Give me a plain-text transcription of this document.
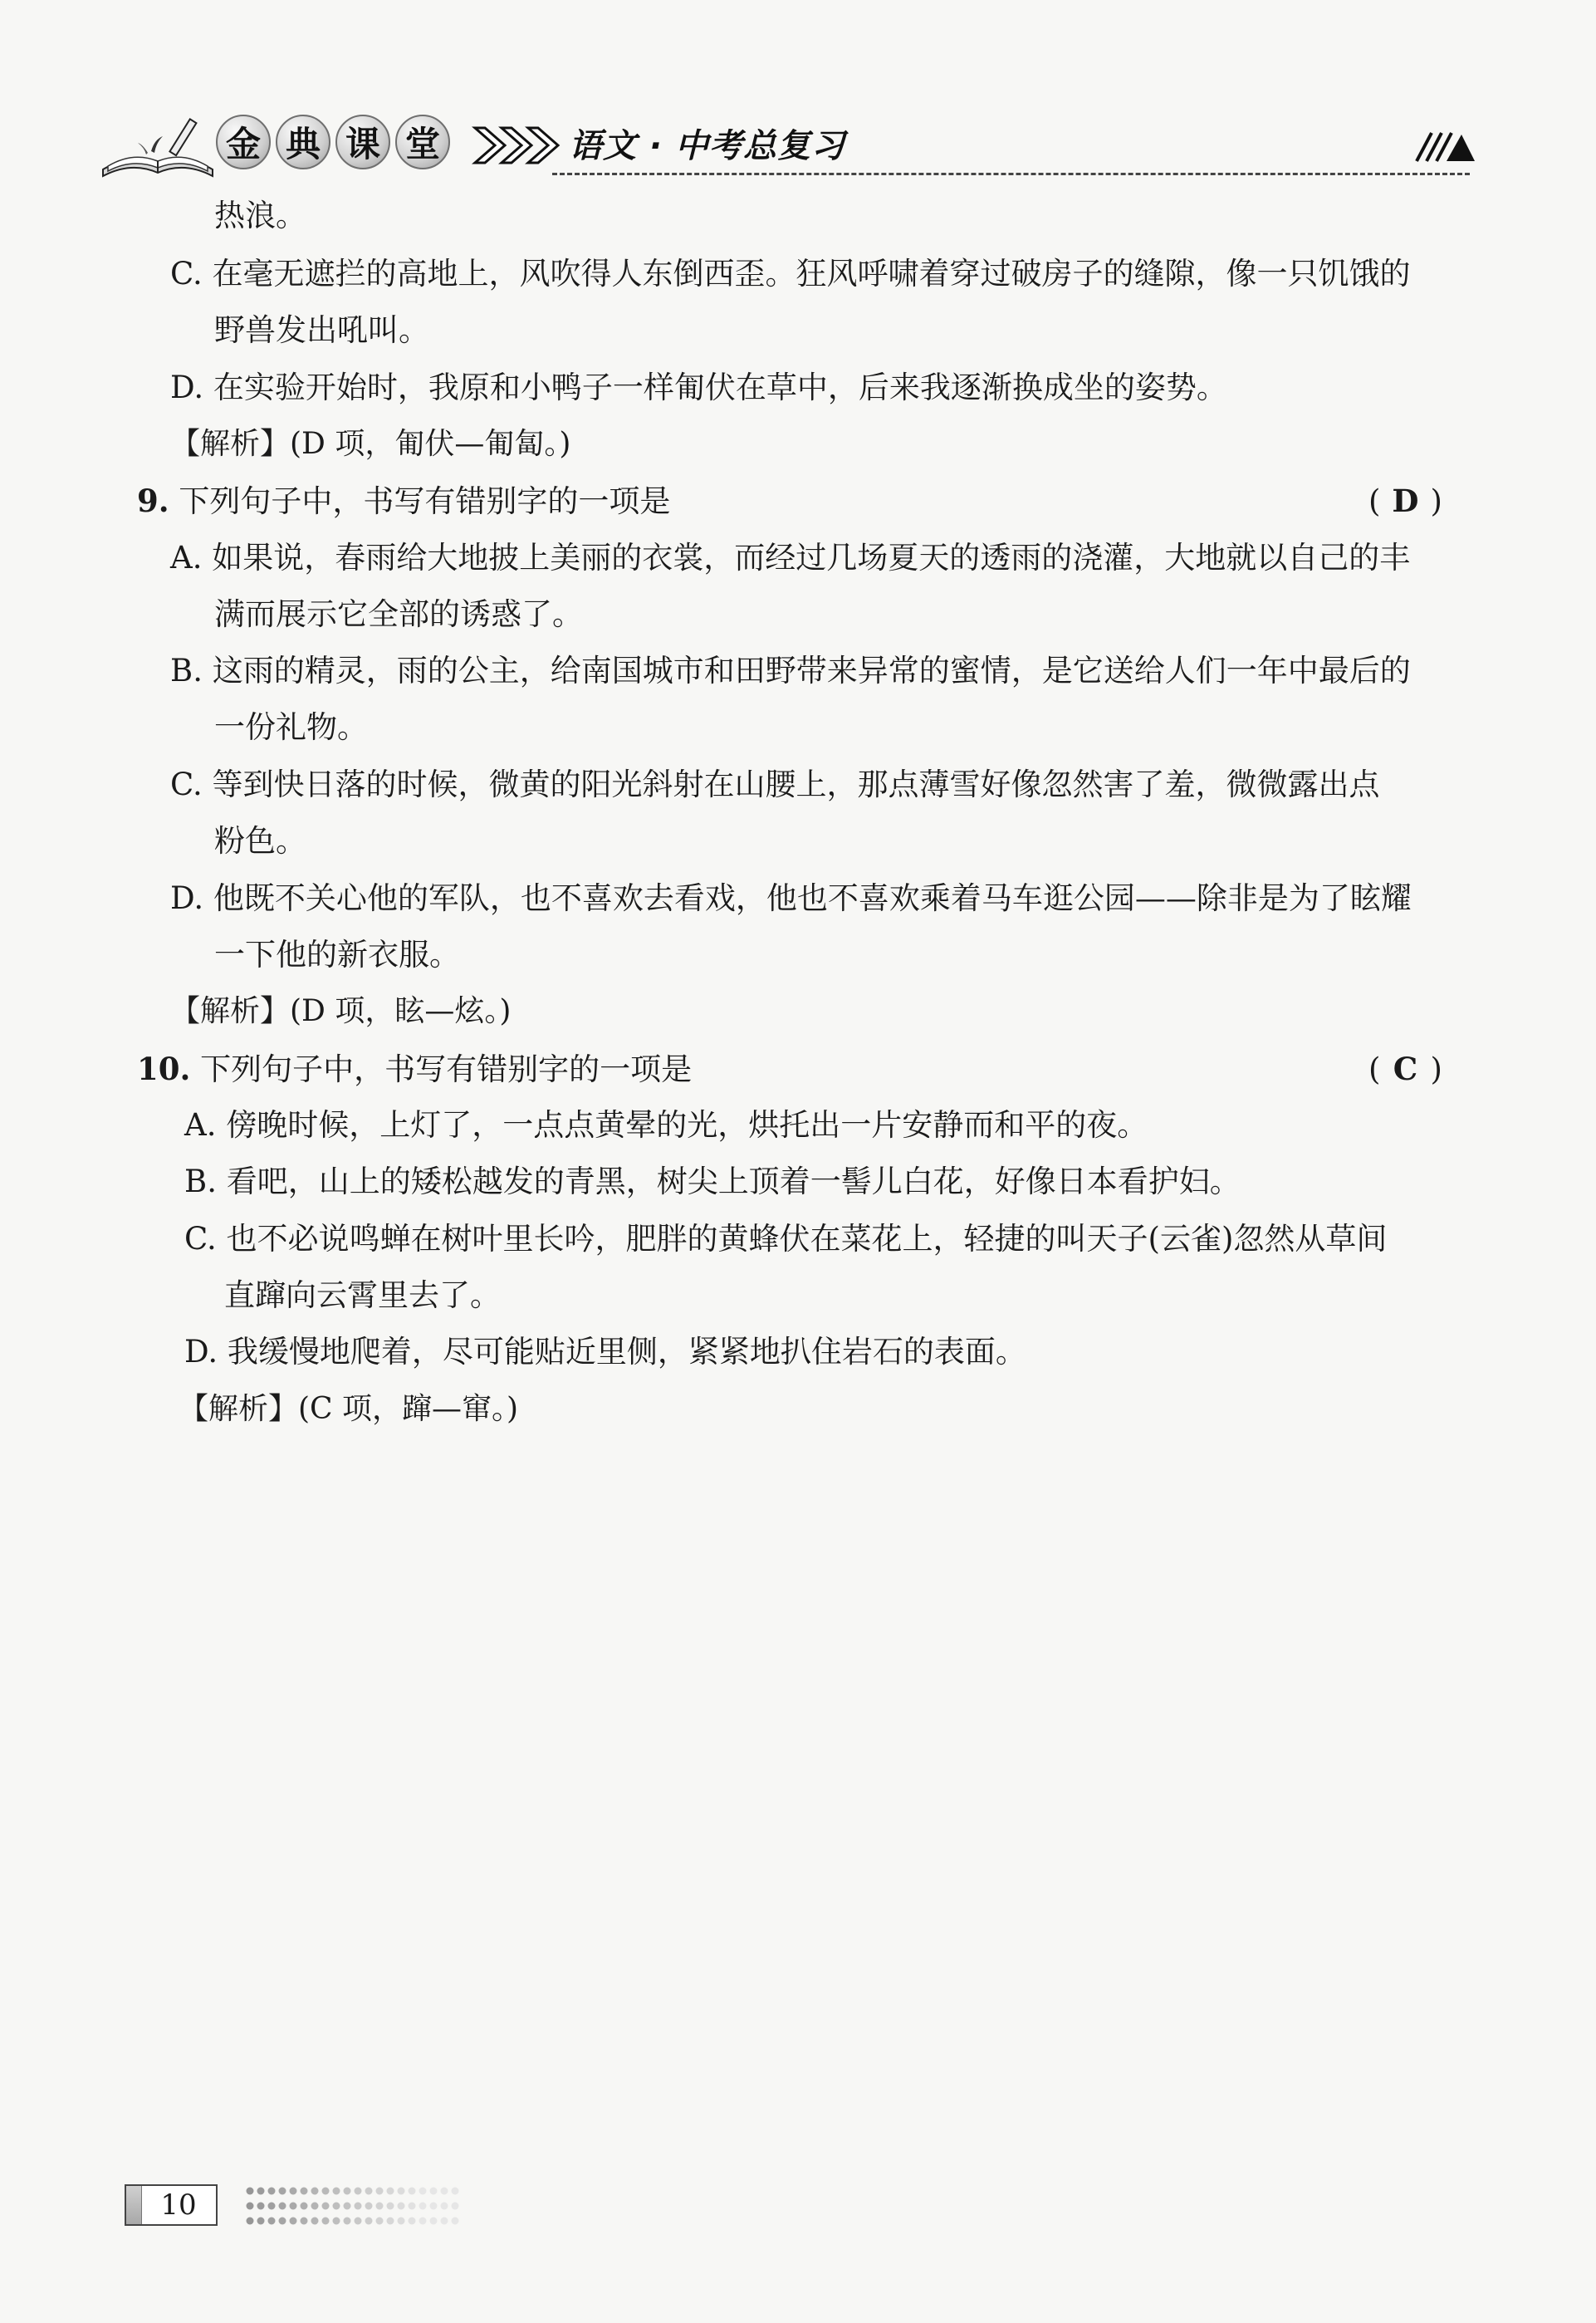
金 典 课 堂	语文 · 中考总复习
热浪。
C. 在毫无遮拦的高地上，风吹得人东倒西歪。狂风呼啸着穿过破房子的缝隙，像一只饥饿的
野兽发出吼叫。
D. 在实验开始时，我原和小鸭子一样匍伏在草中，后来我逐渐换成坐的姿势。
【解析】(D 项，匍伏—匍匐。)
9. 下列句子中，书写有错别字的一项是
A. 如果说，春雨给大地披上美丽的衣裳，而经过几场夏天的透雨的浇灌，大地就以自己的丰
满而展示它全部的诱惑了。
B. 这雨的精灵，雨的公主，给南国城市和田野带来异常的蜜情，是它送给人们一年中最后的
一份礼物。
C. 等到快日落的时候，微黄的阳光斜射在山腰上，那点薄雪好像忽然害了羞，微微露出点
粉色。
D. 他既不关心他的军队，也不喜欢去看戏，他也不喜欢乘着马车逛公园——除非是为了眩耀
一下他的新衣服。
【解析】(D 项，眩—炫。)
10. 下列句子中，书写有错别字的一项是
A. 傍晚时候，上灯了，一点点黄晕的光，烘托出一片安静而和平的夜。
B. 看吧，山上的矮松越发的青黑，树尖上顶着一髻儿白花，好像日本看护妇。
C. 也不必说鸣蝉在树叶里长吟，肥胖的黄蜂伏在菜花上，轻捷的叫天子(云雀)忽然从草间
直蹿向云霄里去了。
D. 我缓慢地爬着，尽可能贴近里侧，紧紧地扒住岩石的表面。
【解析】(C 项，蹿—窜。)
( D )
( C )
10
